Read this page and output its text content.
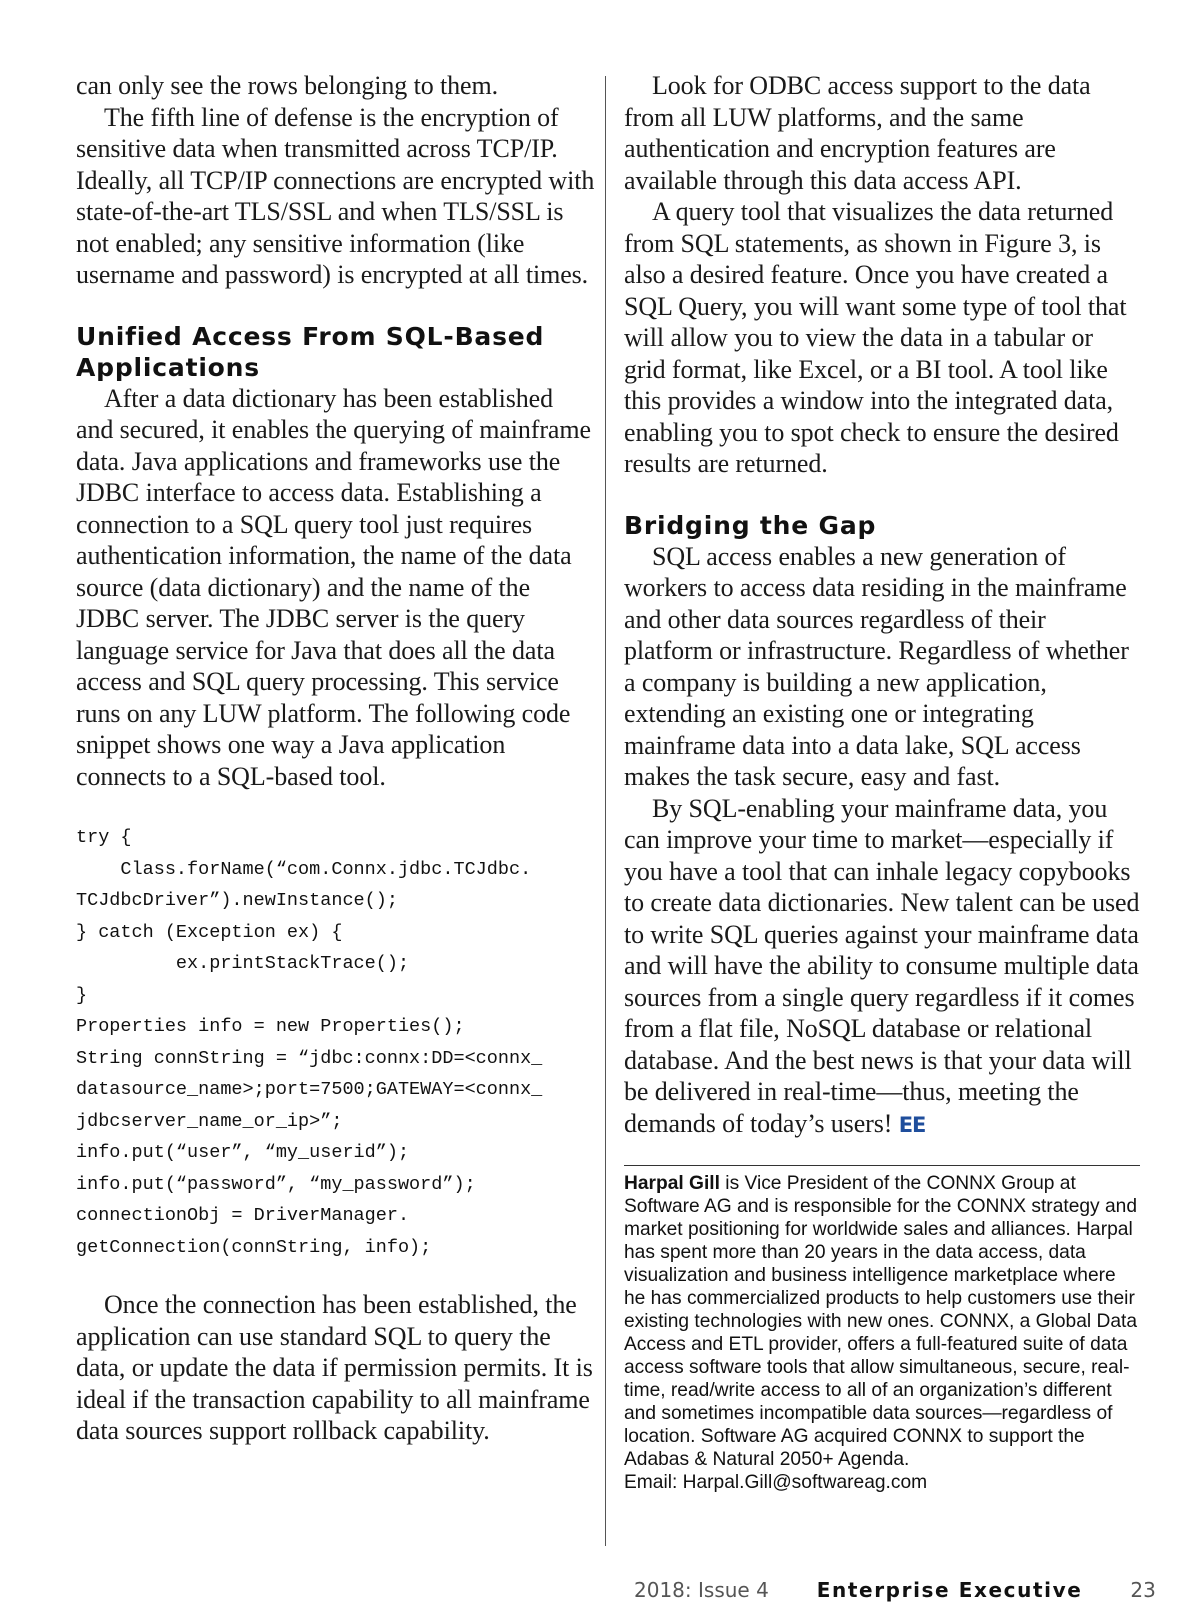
can only see the rows belonging to them.

The fifth line of defense is the encryption of sensitive data when transmitted across TCP/IP. Ideally, all TCP/IP connections are encrypted with state-of-the-art TLS/SSL and when TLS/SSL is not enabled; any sensitive information (like username and password) is encrypted at all times.

Unified Access From SQL-Based Applications

After a data dictionary has been established and secured, it enables the querying of mainframe data. Java applications and frameworks use the JDBC interface to access data. Establishing a connection to a SQL query tool just requires authentication information, the name of the data source (data dictionary) and the name of the JDBC server. The JDBC server is the query language service for Java that does all the data access and SQL query processing. This service runs on any LUW platform. The following code snippet shows one way a Java application connects to a SQL-based tool.

try {
Class.forName(“com.Connx.jdbc.TCJdbc.
TCJdbcDriver”).newInstance();
} catch (Exception ex) {
ex.printStackTrace();
}
Properties info = new Properties();
String connString = “jdbc:connx:DD=<connx_
datasource_name>;port=7500;GATEWAY=<connx_
jdbcserver_name_or_ip>”;
info.put(“user”, “my_userid”);
info.put(“password”, “my_password”);
connectionObj = DriverManager.
getConnection(connString, info);

Once the connection has been established, the application can use standard SQL to query the data, or update the data if permission permits. It is ideal if the transaction capability to all mainframe data sources support rollback capability.

Look for ODBC access support to the data from all LUW platforms, and the same authentication and encryption features are available through this data access API.

A query tool that visualizes the data returned from SQL statements, as shown in Figure 3, is also a desired feature. Once you have created a SQL Query, you will want some type of tool that will allow you to view the data in a tabular or grid format, like Excel, or a BI tool. A tool like this provides a window into the integrated data, enabling you to spot check to ensure the desired results are returned.

Bridging the Gap

SQL access enables a new generation of workers to access data residing in the mainframe and other data sources regardless of their platform or infrastructure. Regardless of whether a company is building a new application, extending an existing one or integrating mainframe data into a data lake, SQL access makes the task secure, easy and fast.

By SQL-enabling your mainframe data, you can improve your time to market—especially if you have a tool that can inhale legacy copybooks to create data dictionaries. New talent can be used to write SQL queries against your mainframe data and will have the ability to consume multiple data sources from a single query regardless if it comes from a flat file, NoSQL database or relational database. And the best news is that your data will be delivered in real-time—thus, meeting the demands of today’s users! EE

Harpal Gill is Vice President of the CONNX Group at Software AG and is responsible for the CONNX strategy and market positioning for worldwide sales and alliances. Harpal has spent more than 20 years in the data access, data visualization and business intelligence marketplace where he has commercialized products to help customers use their existing technologies with new ones. CONNX, a Global Data Access and ETL provider, offers a full-featured suite of data access software tools that allow simultaneous, secure, real-time, read/write access to all of an organization’s different and sometimes incompatible data sources—regardless of location. Software AG acquired CONNX to support the Adabas & Natural 2050+ Agenda.

Email: Harpal.Gill@softwareag.com

2018: Issue 4 Enterprise Executive 23
